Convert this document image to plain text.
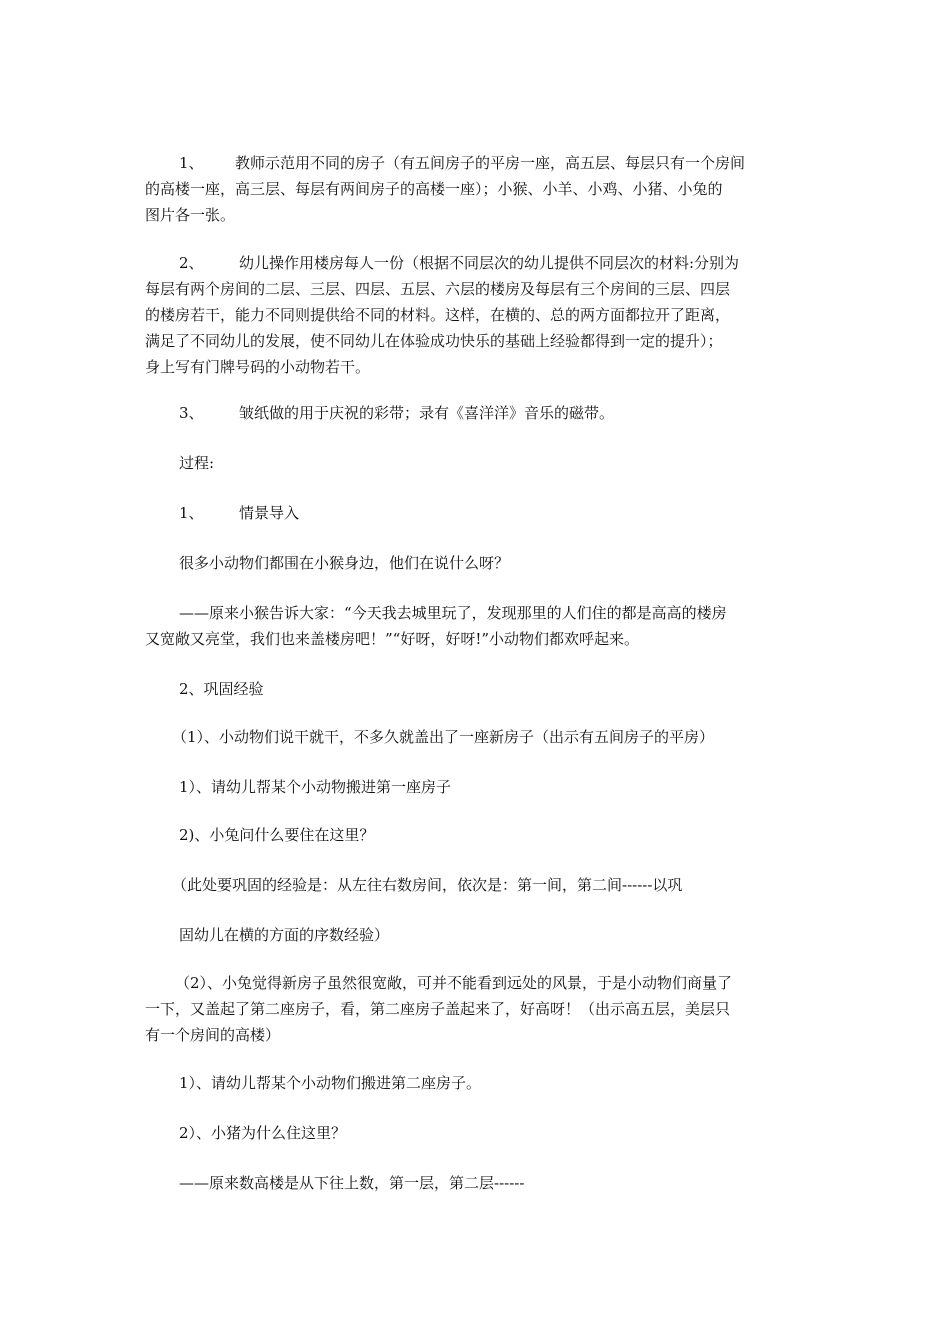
1、 教师示范用不同的房子（有五间房子的平房一座，高五层、每层只有一个房间
的高楼一座，高三层、每层有两间房子的高楼一座）；小猴、小羊、小鸡、小猪、小兔的
图片各一张。
2、 幼儿操作用楼房每人一份（根据不同层次的幼儿提供不同层次的材料:分别为
每层有两个房间的二层、三层、四层、五层、六层的楼房及每层有三个房间的三层、四层
的楼房若干，能力不同则提供给不同的材料。这样，在横的、总的两方面都拉开了距离，
满足了不同幼儿的发展，使不同幼儿在体验成功快乐的基础上经验都得到一定的提升）；
身上写有门牌号码的小动物若干。
3、 皱纸做的用于庆祝的彩带；录有《喜洋洋》音乐的磁带。
过程:
1、 情景导入
很多小动物们都围在小猴身边，他们在说什么呀？
——原来小猴告诉大家：“今天我去城里玩了，发现那里的人们住的都是高高的楼房
又宽敞又亮堂，我们也来盖楼房吧！”“好呀，好呀!”小动物们都欢呼起来。
2、巩固经验
（1）、小动物们说干就干，不多久就盖出了一座新房子（出示有五间房子的平房）
1）、请幼儿帮某个小动物搬进第一座房子
2)、小兔问什么要住在这里？
（此处要巩固的经验是：从左往右数房间，依次是：第一间，第二间------以巩
固幼儿在横的方面的序数经验）
（2）、小兔觉得新房子虽然很宽敞，可并不能看到远处的风景，于是小动物们商量了
一下，又盖起了第二座房子，看，第二座房子盖起来了，好高呀！（出示高五层，美层只
有一个房间的高楼）
1）、请幼儿帮某个小动物们搬进第二座房子。
2）、小猪为什么住这里？
——原来数高楼是从下往上数，第一层，第二层------
